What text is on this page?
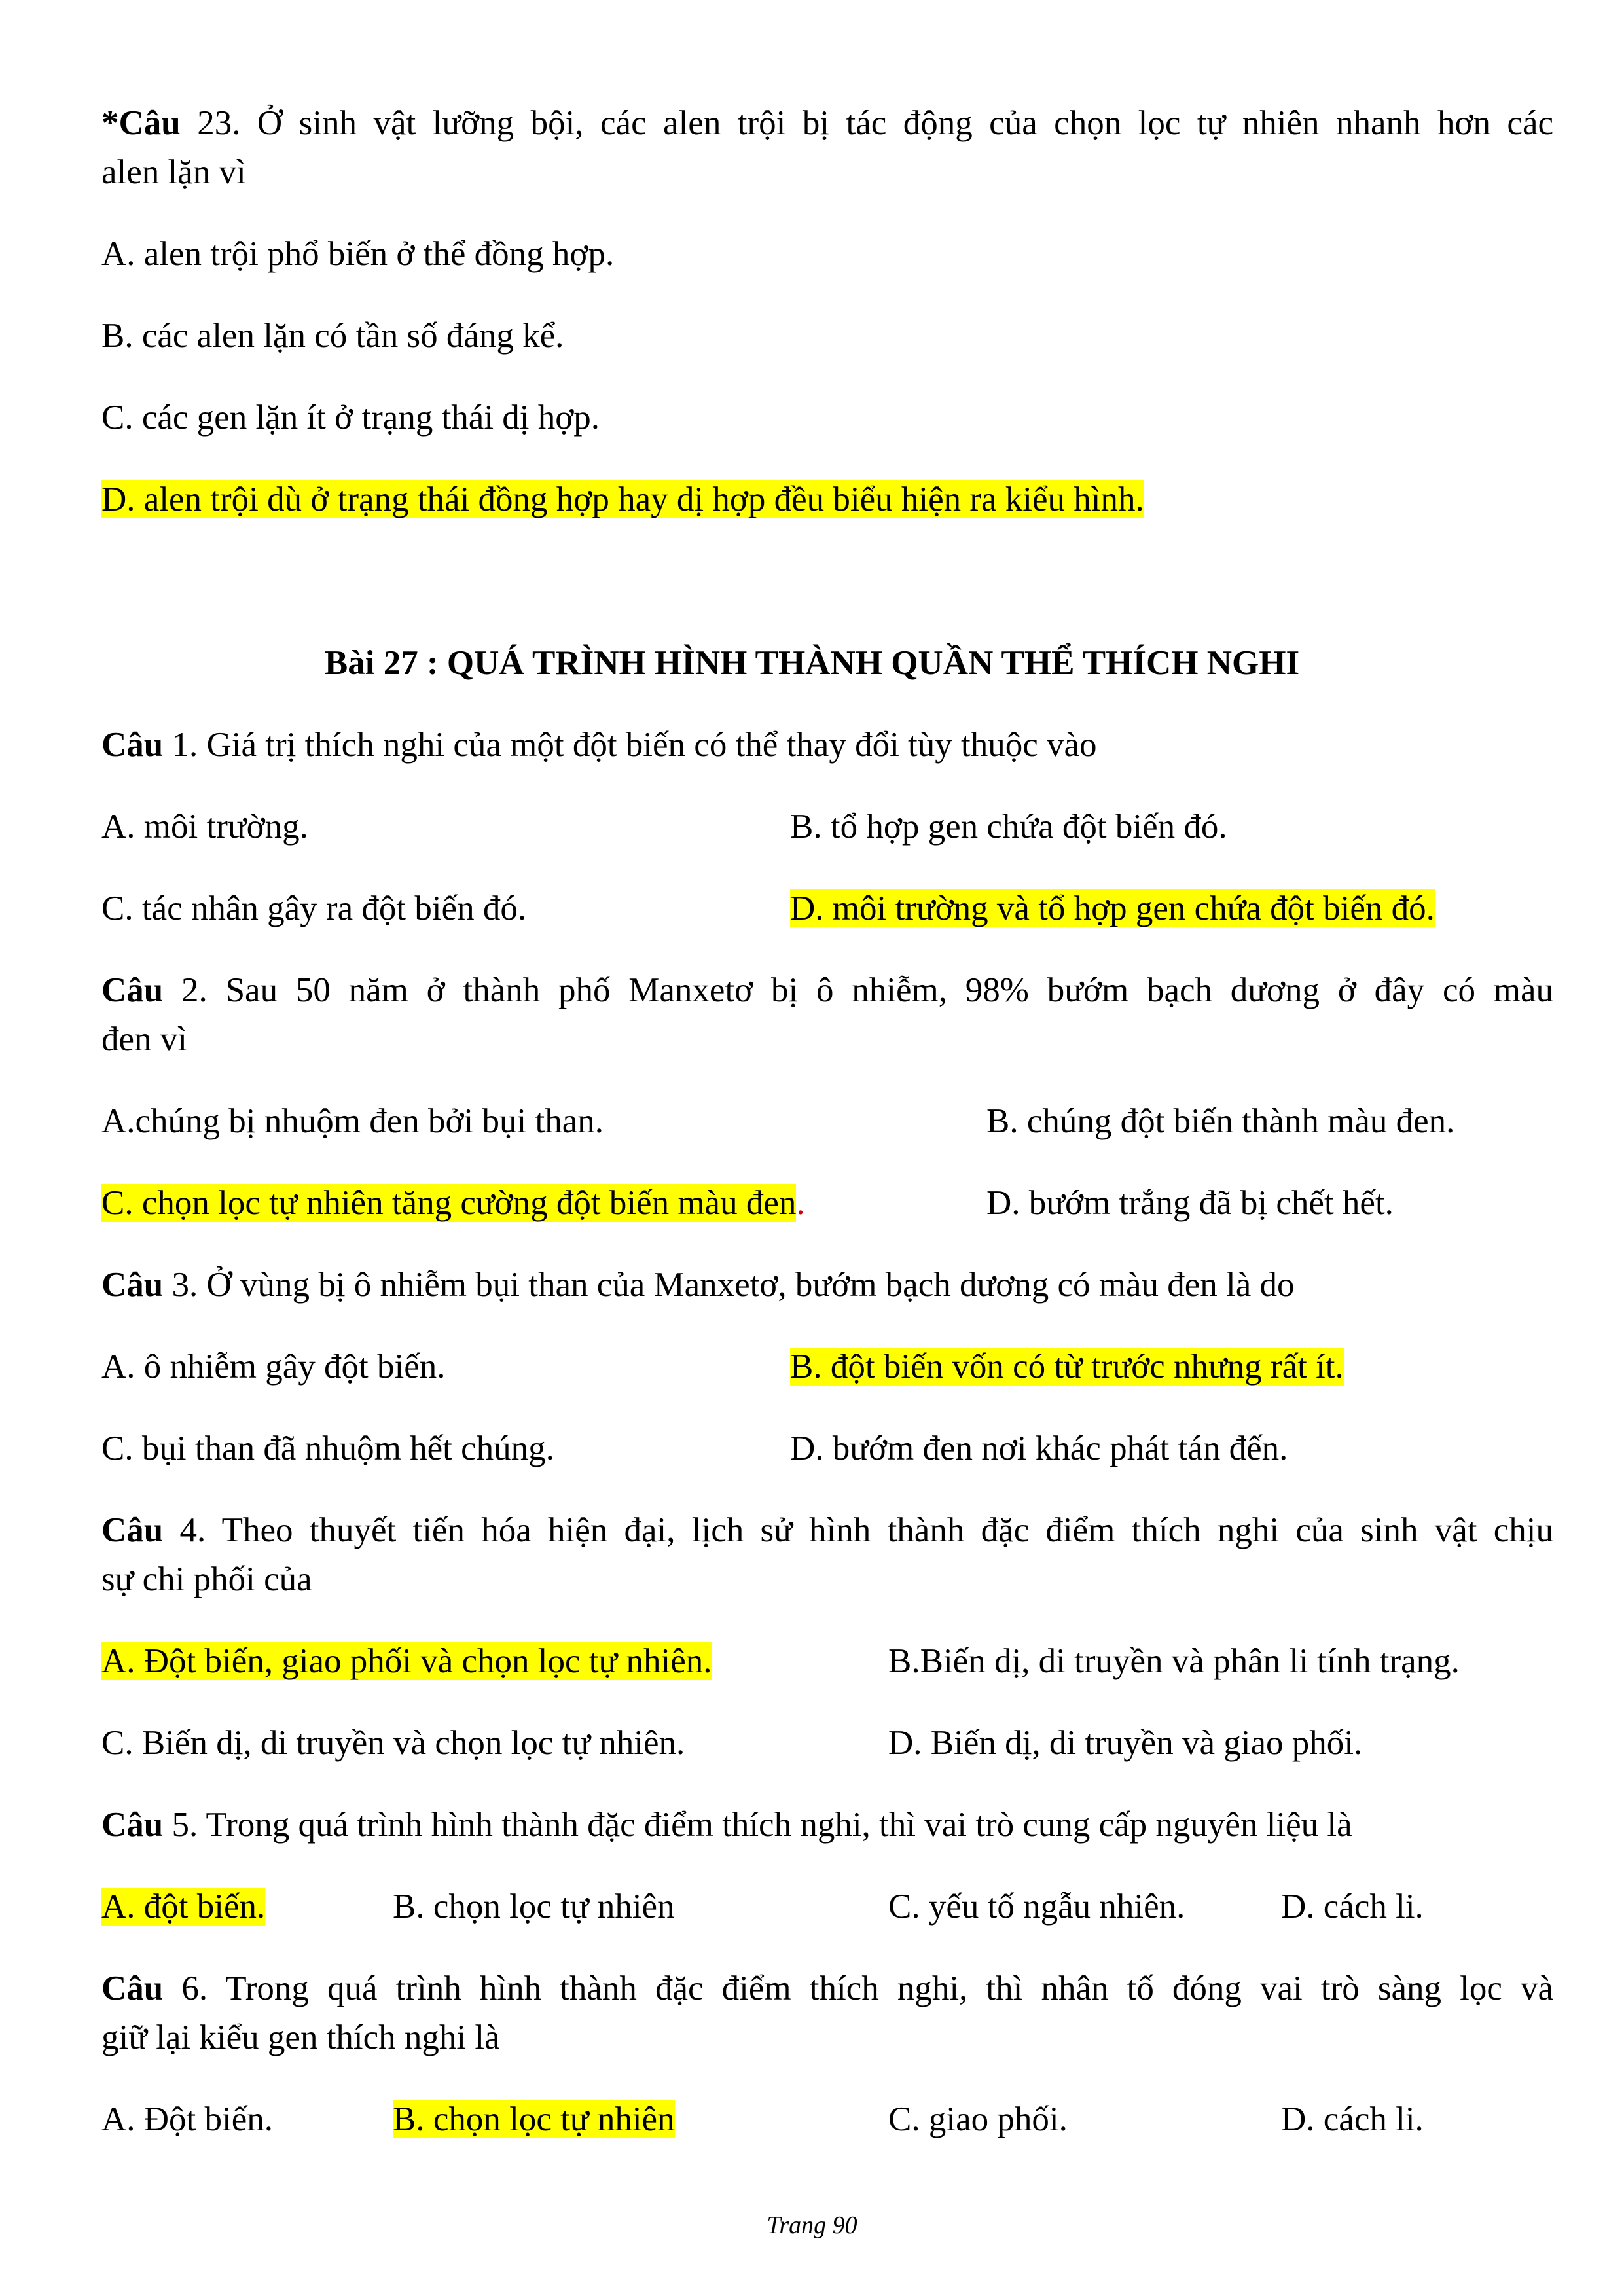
*Câu 23. Ở sinh vật lưỡng bội, các alen trội bị tác động của chọn lọc tự nhiên nhanh hơn các
alen lặn vì
A. alen trội phổ biến ở thể đồng hợp.
B. các alen lặn có tần số đáng kể.
C. các gen lặn ít ở trạng thái dị hợp.
D. alen trội dù ở trạng thái đồng hợp hay dị hợp đều biểu hiện ra kiểu hình.
Bài 27 : QUÁ TRÌNH HÌNH THÀNH QUẦN THỂ THÍCH NGHI
Câu 1. Giá trị thích nghi của một đột biến có thể thay đổi tùy thuộc vào
A. môi trường.	B. tổ hợp gen chứa đột biến đó.
C. tác nhân gây ra đột biến đó.	D. môi trường và tổ hợp gen chứa đột biến đó.
Câu 2. Sau 50 năm ở thành phố Manxetơ bị ô nhiễm, 98% bướm bạch dương ở đây có màu
đen vì
A.chúng bị nhuộm đen bởi bụi than.	B. chúng đột biến thành màu đen.
C. chọn lọc tự nhiên tăng cường đột biến màu đen.	D. bướm trắng đã bị chết hết.
Câu 3. Ở vùng bị ô nhiễm bụi than của Manxetơ, bướm bạch dương có màu đen là do
A. ô nhiễm gây đột biến.	B. đột biến vốn có từ trước nhưng rất ít.
C. bụi than đã nhuộm hết chúng.	D. bướm đen nơi khác phát tán đến.
Câu 4. Theo thuyết tiến hóa hiện đại, lịch sử hình thành đặc điểm thích nghi của sinh vật chịu
sự chi phối của
A. Đột biến, giao phối và chọn lọc tự nhiên.	B.Biến dị, di truyền và phân li tính trạng.
C. Biến dị, di truyền và chọn lọc tự nhiên.	D. Biến dị, di truyền và giao phối.
Câu 5. Trong quá trình hình thành đặc điểm thích nghi, thì vai trò cung cấp nguyên liệu là
A. đột biến.	B. chọn lọc tự nhiên	C. yếu tố ngẫu nhiên.	D. cách li.
Câu 6. Trong quá trình hình thành đặc điểm thích nghi, thì nhân tố đóng vai trò sàng lọc và
giữ lại kiểu gen thích nghi là
A. Đột biến.	B. chọn lọc tự nhiên	C. giao phối.	D. cách li.
Trang 90
